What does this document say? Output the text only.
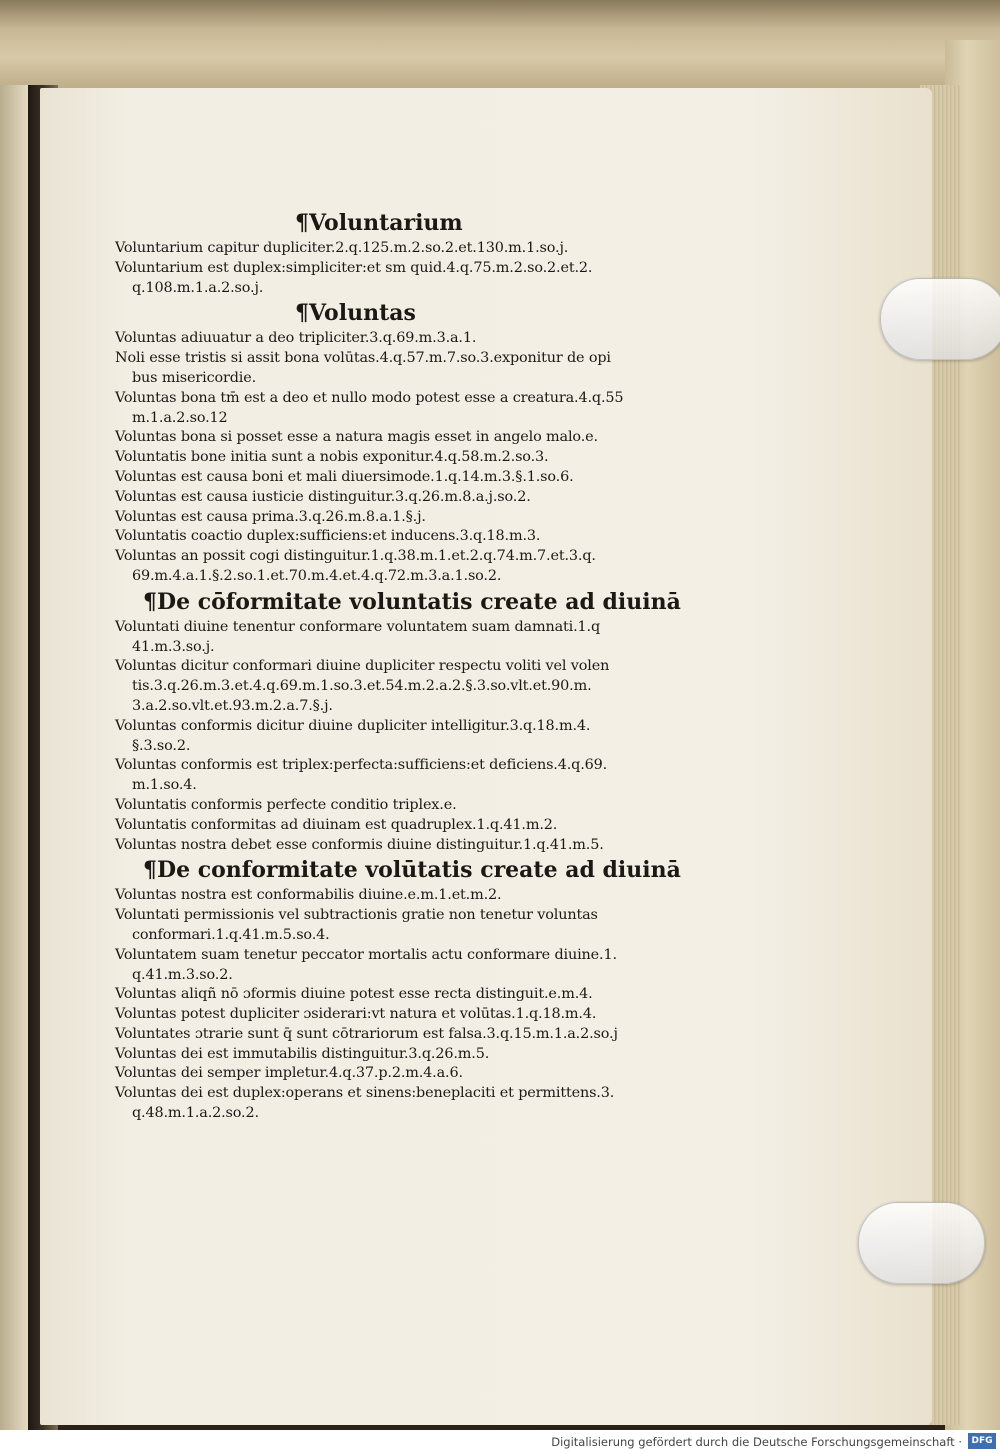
¶Voluntarium
Voluntarium capitur dupliciter.2.q.125.m.2.so.2.et.130.m.1.so.j.
Voluntarium est duplex:simpliciter:et sm quid.4.q.75.m.2.so.2.et.2.
q.108.m.1.a.2.so.j.
¶Voluntas
Voluntas adiuuatur a deo tripliciter.3.q.69.m.3.a.1.
Noli esse tristis si assit bona volūtas.4.q.57.m.7.so.3.exponitur de opi
bus misericordie.
Voluntas bona tm̄ est a deo et nullo modo potest esse a creatura.4.q.55
m.1.a.2.so.12
Voluntas bona si posset esse a natura magis esset in angelo malo.e.
Voluntatis bone initia sunt a nobis exponitur.4.q.58.m.2.so.3.
Voluntas est causa boni et mali diuersimode.1.q.14.m.3.§.1.so.6.
Voluntas est causa iusticie distinguitur.3.q.26.m.8.a.j.so.2.
Voluntas est causa prima.3.q.26.m.8.a.1.§.j.
Voluntatis coactio duplex:sufficiens:et inducens.3.q.18.m.3.
Voluntas an possit cogi distinguitur.1.q.38.m.1.et.2.q.74.m.7.et.3.q.
69.m.4.a.1.§.2.so.1.et.70.m.4.et.4.q.72.m.3.a.1.so.2.
¶De cōformitate voluntatis create ad diuinā
Voluntati diuine tenentur conformare voluntatem suam damnati.1.q
41.m.3.so.j.
Voluntas dicitur conformari diuine dupliciter respectu voliti vel volen
tis.3.q.26.m.3.et.4.q.69.m.1.so.3.et.54.m.2.a.2.§.3.so.vlt.et.90.m.
3.a.2.so.vlt.et.93.m.2.a.7.§.j.
Voluntas conformis dicitur diuine dupliciter intelligitur.3.q.18.m.4.
§.3.so.2.
Voluntas conformis est triplex:perfecta:sufficiens:et deficiens.4.q.69.
m.1.so.4.
Voluntatis conformis perfecte conditio triplex.e.
Voluntatis conformitas ad diuinam est quadruplex.1.q.41.m.2.
Voluntas nostra debet esse conformis diuine distinguitur.1.q.41.m.5.
¶De conformitate volūtatis create ad diuinā
Voluntas nostra est conformabilis diuine.e.m.1.et.m.2.
Voluntati permissionis vel subtractionis gratie non tenetur voluntas
conformari.1.q.41.m.5.so.4.
Voluntatem suam tenetur peccator mortalis actu conformare diuine.1.
q.41.m.3.so.2.
Voluntas aliqñ nō ɔformis diuine potest esse recta distinguit.e.m.4.
Voluntas potest dupliciter ɔsiderari:vt natura et volūtas.1.q.18.m.4.
Voluntates ɔtrarie sunt q̄ sunt cōtrariorum est falsa.3.q.15.m.1.a.2.so.j
Voluntas dei est immutabilis distinguitur.3.q.26.m.5.
Voluntas dei semper impletur.4.q.37.p.2.m.4.a.6.
Voluntas dei est duplex:operans et sinens:beneplaciti et permittens.3.
q.48.m.1.a.2.so.2.
Digitalisierung gefördert durch die Deutsche Forschungsgemeinschaft ·	DFG
